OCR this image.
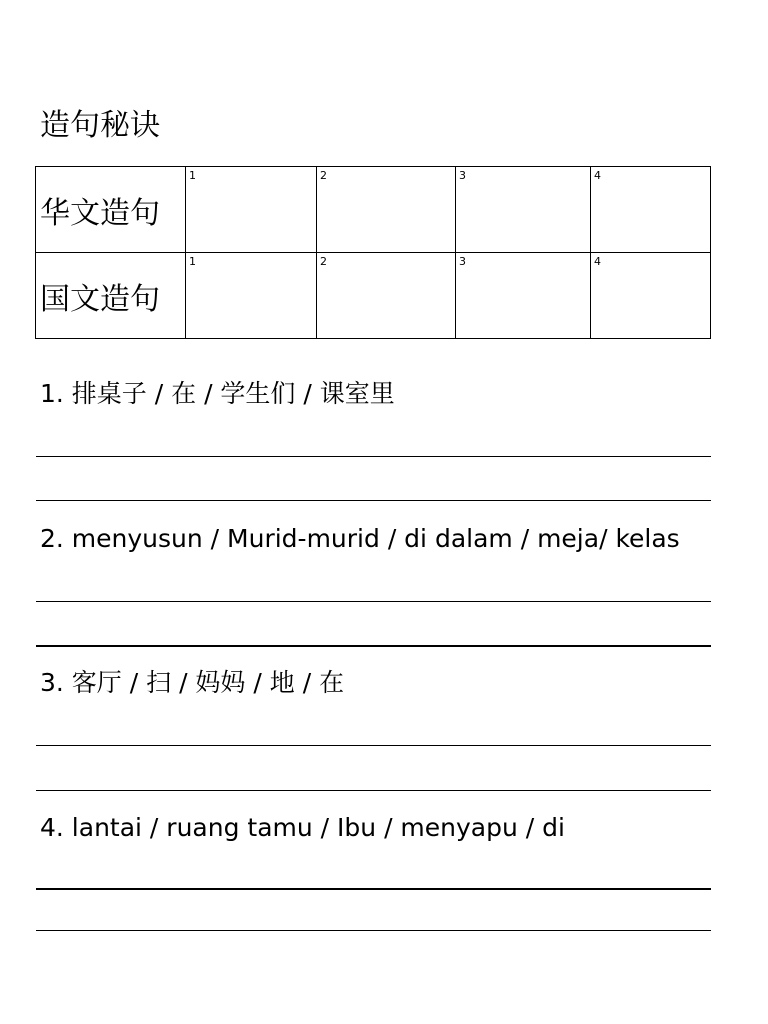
造句秘诀
华文造句	1	2	3	4

国文造句	1	2	3	4

1. 排桌子 / 在 / 学生们 / 课室里

2. menyusun / Murid-murid / di dalam / meja/ kelas

3. 客厅 / 扫 / 妈妈 / 地 / 在

4. lantai / ruang tamu / Ibu / menyapu / di
